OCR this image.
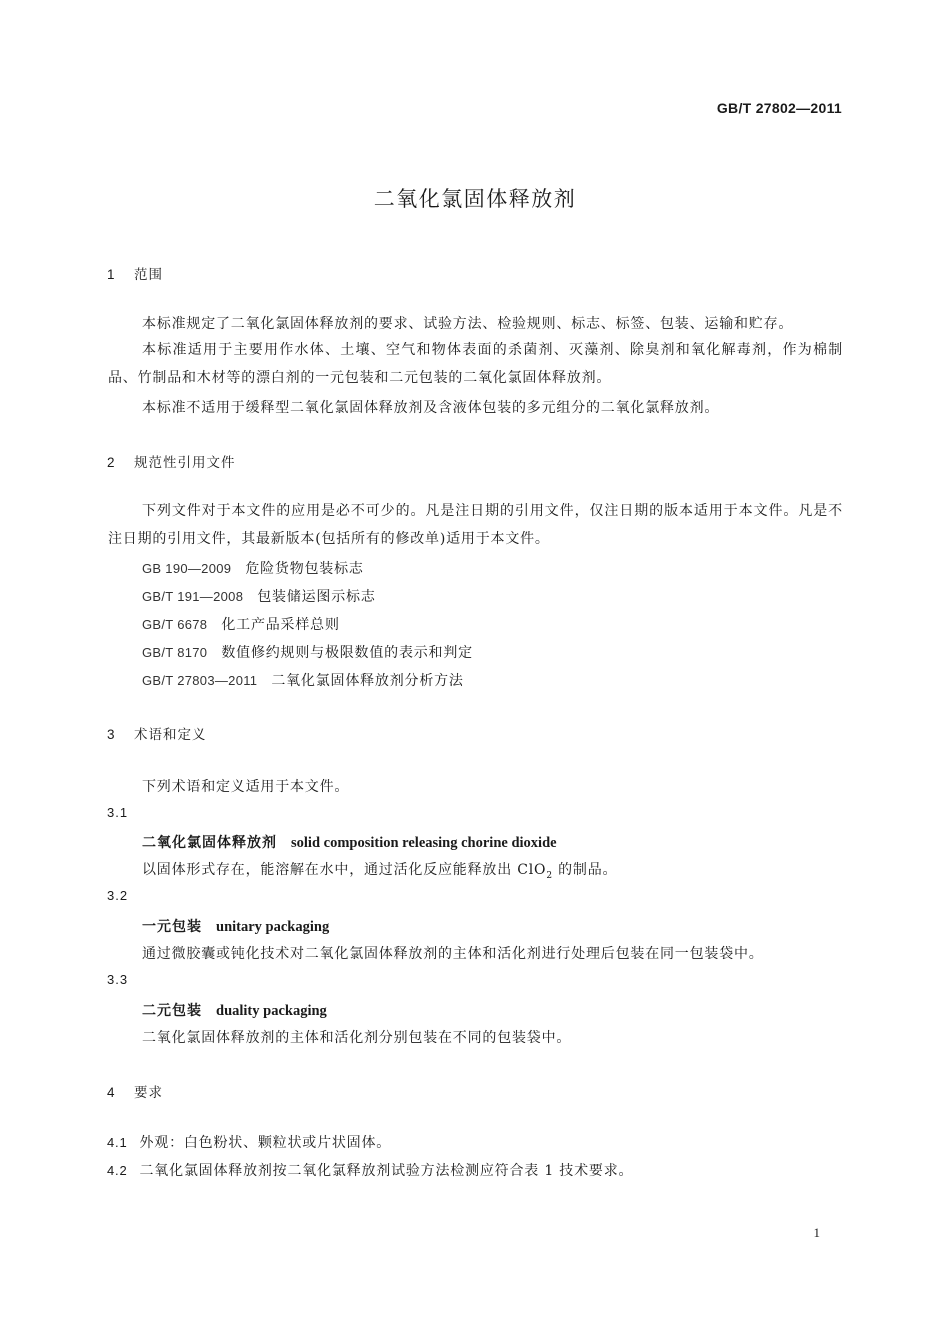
GB/T 27802—2011
二氧化氯固体释放剂
1 范围
本标准规定了二氧化氯固体释放剂的要求、试验方法、检验规则、标志、标签、包装、运输和贮存。
本标准适用于主要用作水体、土壤、空气和物体表面的杀菌剂、灭藻剂、除臭剂和氧化解毒剂，作为棉制品、竹制品和木材等的漂白剂的一元包装和二元包装的二氧化氯固体释放剂。
本标准不适用于缓释型二氧化氯固体释放剂及含液体包装的多元组分的二氧化氯释放剂。
2 规范性引用文件
下列文件对于本文件的应用是必不可少的。凡是注日期的引用文件，仅注日期的版本适用于本文件。凡是不注日期的引用文件，其最新版本(包括所有的修改单)适用于本文件。
GB 190—2009 危险货物包装标志
GB/T 191—2008 包装储运图示标志
GB/T 6678 化工产品采样总则
GB/T 8170 数值修约规则与极限数值的表示和判定
GB/T 27803—2011 二氧化氯固体释放剂分析方法
3 术语和定义
下列术语和定义适用于本文件。
3.1
二氧化氯固体释放剂 solid composition releasing chorine dioxide
以固体形式存在，能溶解在水中，通过活化反应能释放出 ClO$_2$ 的制品。
3.2
一元包装 unitary packaging
通过微胶囊或钝化技术对二氧化氯固体释放剂的主体和活化剂进行处理后包装在同一包装袋中。
3.3
二元包装 duality packaging
二氧化氯固体释放剂的主体和活化剂分别包装在不同的包装袋中。
4 要求
4.1 外观：白色粉状、颗粒状或片状固体。
4.2 二氧化氯固体释放剂按二氧化氯释放剂试验方法检测应符合表 1 技术要求。
1
